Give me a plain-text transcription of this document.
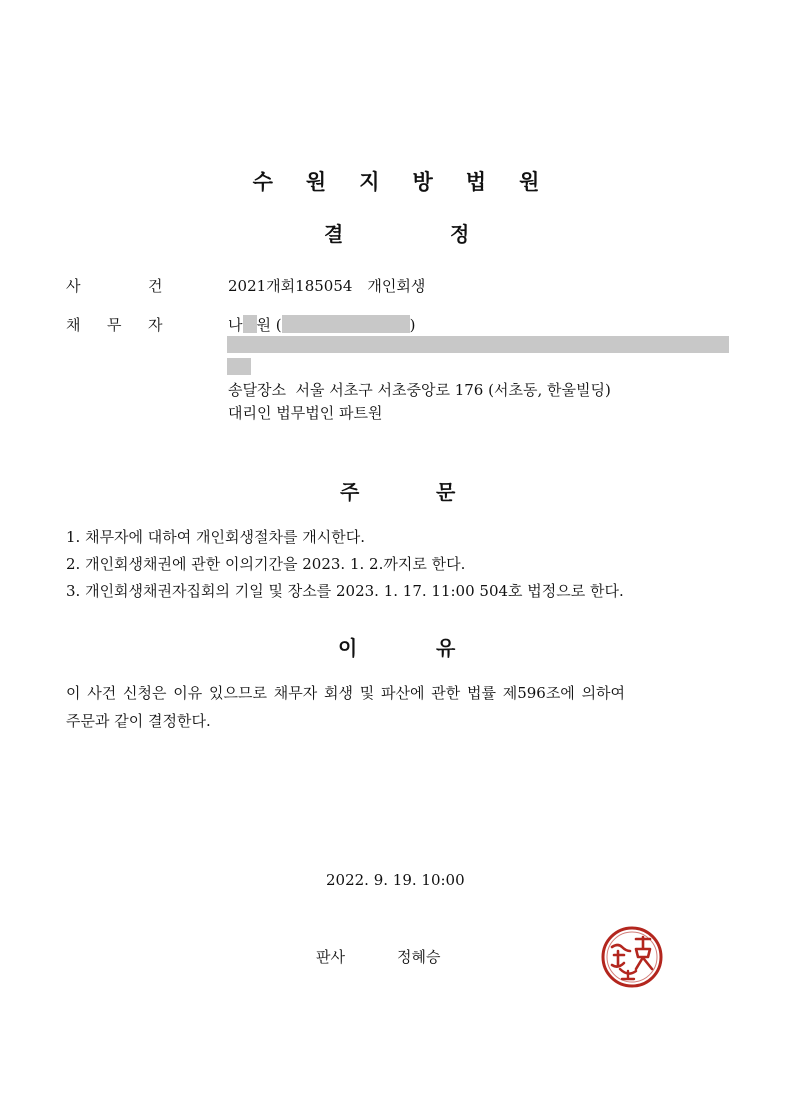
수 원 지 방 법 원
결	정
사	건	2021개회185054　개인회생
채 무 자	나 원 (	)
송달장소 서울 서초구 서초중앙로 176 (서초동, 한울빌딩)
대리인 법무법인 파트원
주	문
1. 채무자에 대하여 개인회생절차를 개시한다.
2. 개인회생채권에 관한 이의기간을 2023. 1. 2.까지로 한다.
3. 개인회생채권자집회의 기일 및 장소를 2023. 1. 17. 11:00 504호 법정으로 한다.
이	유
이 사건 신청은 이유 있으므로 채무자 회생 및 파산에 관한 법률 제596조에 의하여
주문과 같이 결정한다.
2022. 9. 19. 10:00
판사	정혜승
